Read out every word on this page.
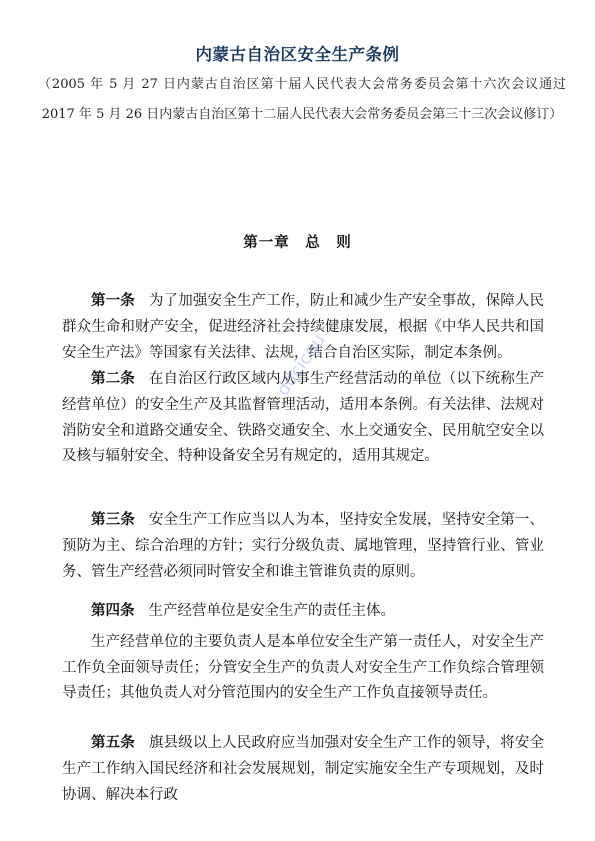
内蒙古自治区安全生产条例
（2005 年 5 月 27 日内蒙古自治区第十届人民代表大会常务委员会第十六次会议通过　2017 年 5 月 26 日内蒙古自治区第十二届人民代表大会常务委员会第三十三次会议修订）
第一章　总　则

第一条 为了加强安全生产工作，防止和减少生产安全事故，保障人民群众生命和财产安全，促进经济社会持续健康发展，根据《中华人民共和国安全生产法》等国家有关法律、法规，结合自治区实际，制定本条例。

第二条 在自治区行政区域内从事生产经营活动的单位（以下统称生产经营单位）的安全生产及其监督管理活动，适用本条例。有关法律、法规对消防安全和道路交通安全、铁路交通安全、水上交通安全、民用航空安全以及核与辐射安全、特种设备安全另有规定的，适用其规定。

第三条 安全生产工作应当以人为本，坚持安全发展，坚持安全第一、预防为主、综合治理的方针；实行分级负责、属地管理，坚持管行业、管业务、管生产经营必须同时管安全和谁主管谁负责的原则。

第四条 生产经营单位是安全生产的责任主体。

生产经营单位的主要负责人是本单位安全生产第一责任人，对安全生产工作负全面领导责任；分管安全生产的负责人对安全生产工作负综合管理领导责任；其他负责人对分管范围内的安全生产工作负直接领导责任。

第五条 旗县级以上人民政府应当加强对安全生产工作的领导，将安全生产工作纳入国民经济和社会发展规划，制定实施安全生产专项规划，及时协调、解决本行政

ddcicgu
